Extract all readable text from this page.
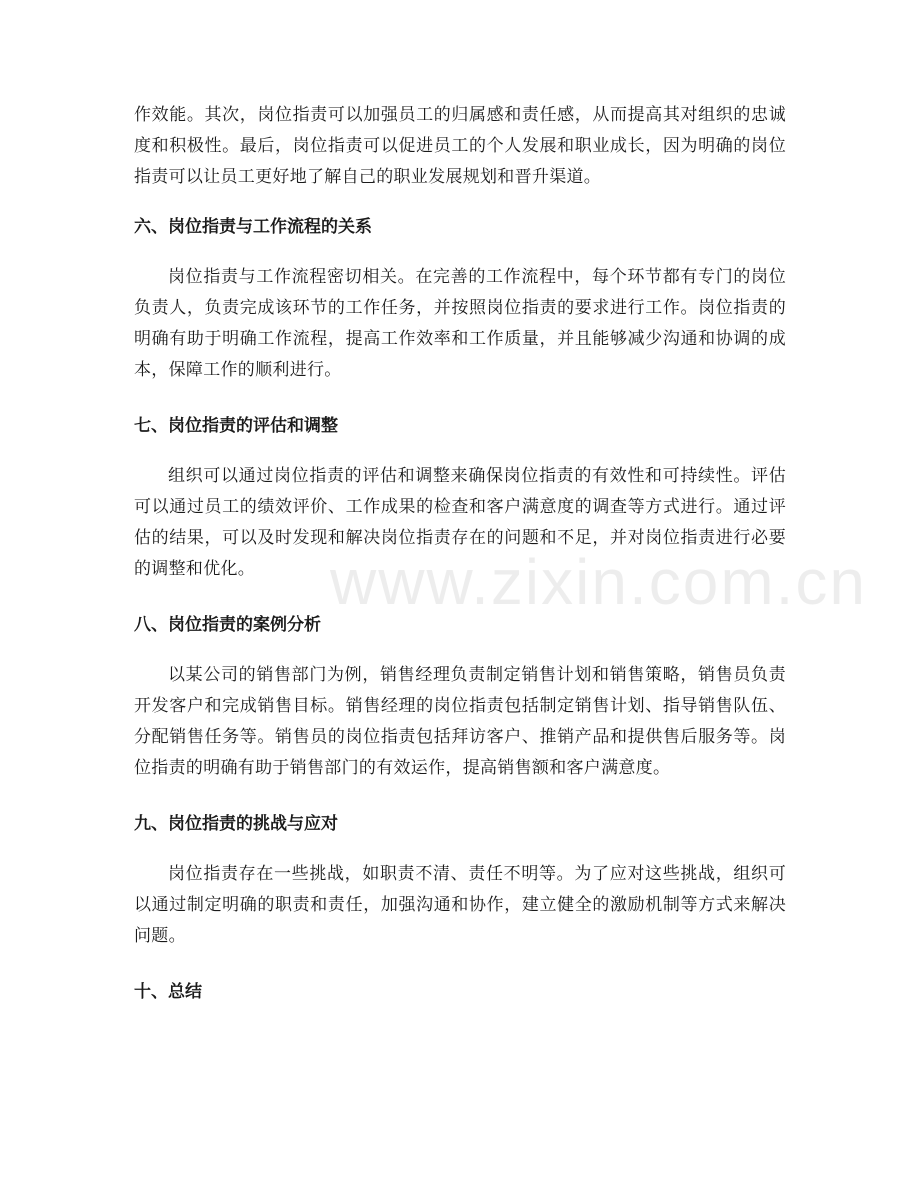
www.zixin.com.cn

作效能。其次，岗位指责可以加强员工的归属感和责任感，从而提高其对组织的忠诚度和积极性。最后，岗位指责可以促进员工的个人发展和职业成长，因为明确的岗位指责可以让员工更好地了解自己的职业发展规划和晋升渠道。

六、岗位指责与工作流程的关系

岗位指责与工作流程密切相关。在完善的工作流程中，每个环节都有专门的岗位负责人，负责完成该环节的工作任务，并按照岗位指责的要求进行工作。岗位指责的明确有助于明确工作流程，提高工作效率和工作质量，并且能够减少沟通和协调的成本，保障工作的顺利进行。

七、岗位指责的评估和调整

组织可以通过岗位指责的评估和调整来确保岗位指责的有效性和可持续性。评估可以通过员工的绩效评价、工作成果的检查和客户满意度的调查等方式进行。通过评估的结果，可以及时发现和解决岗位指责存在的问题和不足，并对岗位指责进行必要的调整和优化。

八、岗位指责的案例分析

以某公司的销售部门为例，销售经理负责制定销售计划和销售策略，销售员负责开发客户和完成销售目标。销售经理的岗位指责包括制定销售计划、指导销售队伍、分配销售任务等。销售员的岗位指责包括拜访客户、推销产品和提供售后服务等。岗位指责的明确有助于销售部门的有效运作，提高销售额和客户满意度。

九、岗位指责的挑战与应对

岗位指责存在一些挑战，如职责不清、责任不明等。为了应对这些挑战，组织可以通过制定明确的职责和责任，加强沟通和协作，建立健全的激励机制等方式来解决问题。

十、总结
